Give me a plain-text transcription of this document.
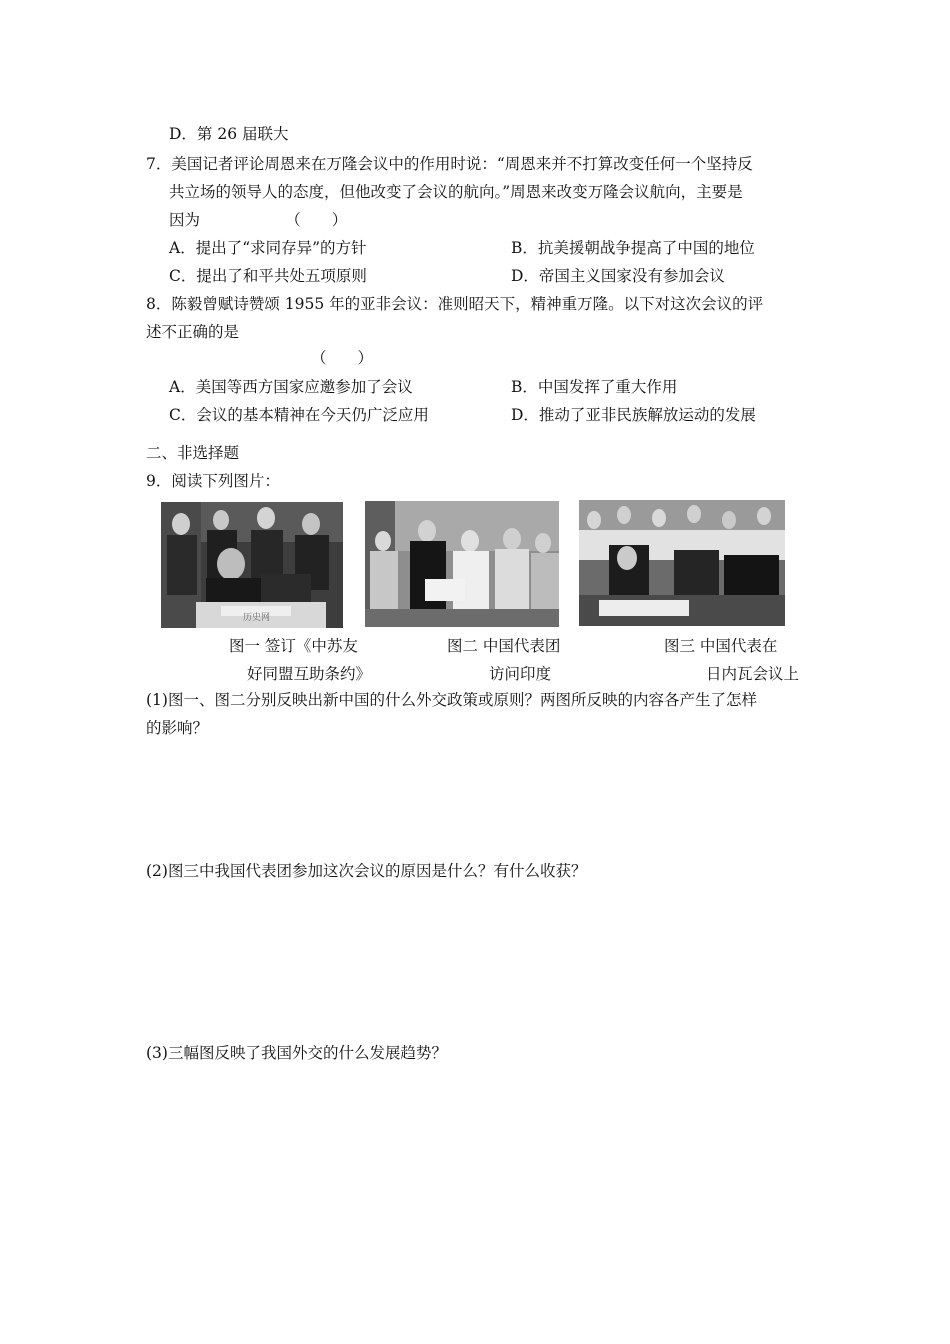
D．第 26 届联大
7．美国记者评论周恩来在万隆会议中的作用时说：“周恩来并不打算改变任何一个坚持反
共立场的领导人的态度，但他改变了会议的航向。”周恩来改变万隆会议航向，主要是
因为　　　　　　（　　）
A．提出了“求同存异”的方针	B．抗美援朝战争提高了中国的地位
C．提出了和平共处五项原则	D．帝国主义国家没有参加会议
8．陈毅曾赋诗赞颂 1955 年的亚非会议：准则昭天下，精神重万隆。以下对这次会议的评
述不正确的是
（　　）
A．美国等西方国家应邀参加了会议	B．中国发挥了重大作用
C．会议的基本精神在今天仍广泛应用	D．推动了亚非民族解放运动的发展
二、非选择题
9．阅读下列图片：
历史网
图一 签订《中苏友
好同盟互助条约》
图二 中国代表团
访问印度
图三 中国代表在
日内瓦会议上
(1)图一、图二分别反映出新中国的什么外交政策或原则？两图所反映的内容各产生了怎样
的影响？
(2)图三中我国代表团参加这次会议的原因是什么？有什么收获？
(3)三幅图反映了我国外交的什么发展趋势？
